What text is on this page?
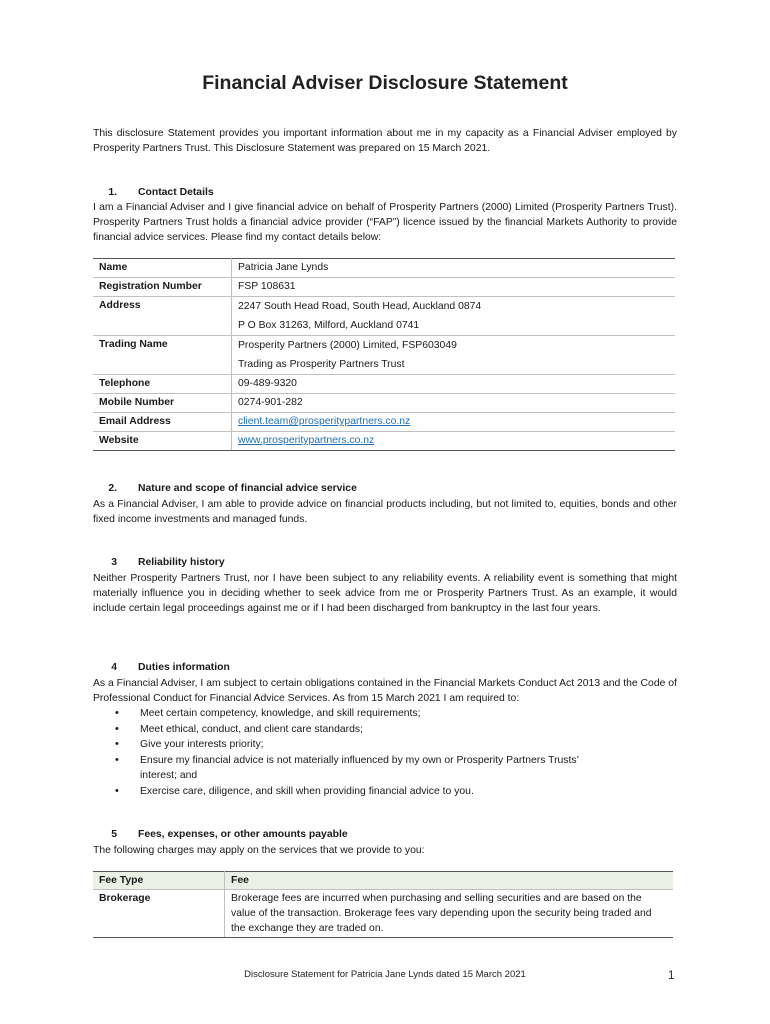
Financial Adviser Disclosure Statement
This disclosure Statement provides you important information about me in my capacity as a Financial Adviser employed by Prosperity Partners Trust. This Disclosure Statement was prepared on 15 March 2021.
1. Contact Details
I am a Financial Adviser and I give financial advice on behalf of Prosperity Partners (2000) Limited (Prosperity Partners Trust). Prosperity Partners Trust holds a financial advice provider (“FAP”) licence issued by the financial Markets Authority to provide financial advice services. Please find my contact details below:
Name	Patricia Jane Lynds
Registration Number	FSP 108631
Address	2247 South Head Road, South Head, Auckland 0874
P O Box 31263, Milford, Auckland 0741

Trading Name	Prosperity Partners (2000) Limited, FSP603049
Trading as Prosperity Partners Trust

Telephone	09-489-9320
Mobile Number	0274-901-282
Email Address	client.team@prosperitypartners.co.nz
Website	www.prosperitypartners.co.nz
2. Nature and scope of financial advice service
As a Financial Adviser, I am able to provide advice on financial products including, but not limited to, equities, bonds and other fixed income investments and managed funds.
3 Reliability history
Neither Prosperity Partners Trust, nor I have been subject to any reliability events. A reliability event is something that might materially influence you in deciding whether to seek advice from me or Prosperity Partners Trust. As an example, it would include certain legal proceedings against me or if I had been discharged from bankruptcy in the last four years.
4 Duties information
As a Financial Adviser, I am subject to certain obligations contained in the Financial Markets Conduct Act 2013 and the Code of Professional Conduct for Financial Advice Services. As from 15 March 2021 I am required to:
• Meet certain competency, knowledge, and skill requirements;
• Meet ethical, conduct, and client care standards;
• Give your interests priority;
• Ensure my financial advice is not materially influenced by my own or Prosperity Partners Trusts’ interest; and
• Exercise care, diligence, and skill when providing financial advice to you.
5 Fees, expenses, or other amounts payable
The following charges may apply on the services that we provide to you:
Fee Type	Fee
Brokerage	Brokerage fees are incurred when purchasing and selling securities and are based on the value of the transaction. Brokerage fees vary depending upon the security being traded and the exchange they are traded on.
Disclosure Statement for Patricia Jane Lynds dated 15 March 2021	1
